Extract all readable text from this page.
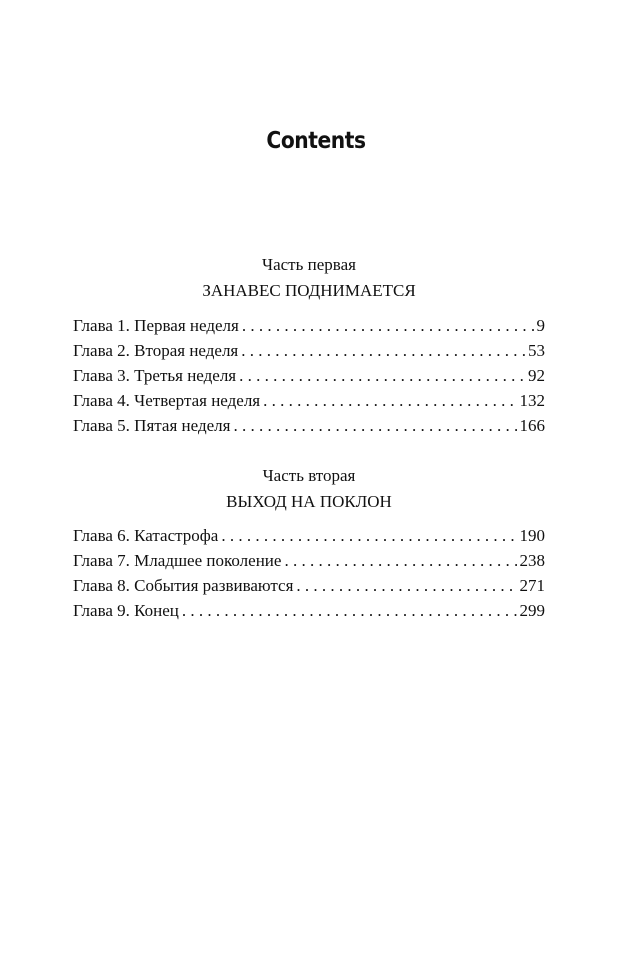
Contents
Часть первая
ЗАНАВЕС ПОДНИМАЕТСЯ
Глава 1. Первая неделя . . .	9
Глава 2. Вторая неделя . . .	53
Глава 3. Третья неделя . . .	92
Глава 4. Четвертая неделя . . .	132
Глава 5. Пятая неделя . . .	166
Часть вторая
ВЫХОД НА ПОКЛОН
Глава 6. Катастрофа . . .	190
Глава 7. Младшее поколение . . .	238
Глава 8. События развиваются . . .	271
Глава 9. Конец . . .	299
